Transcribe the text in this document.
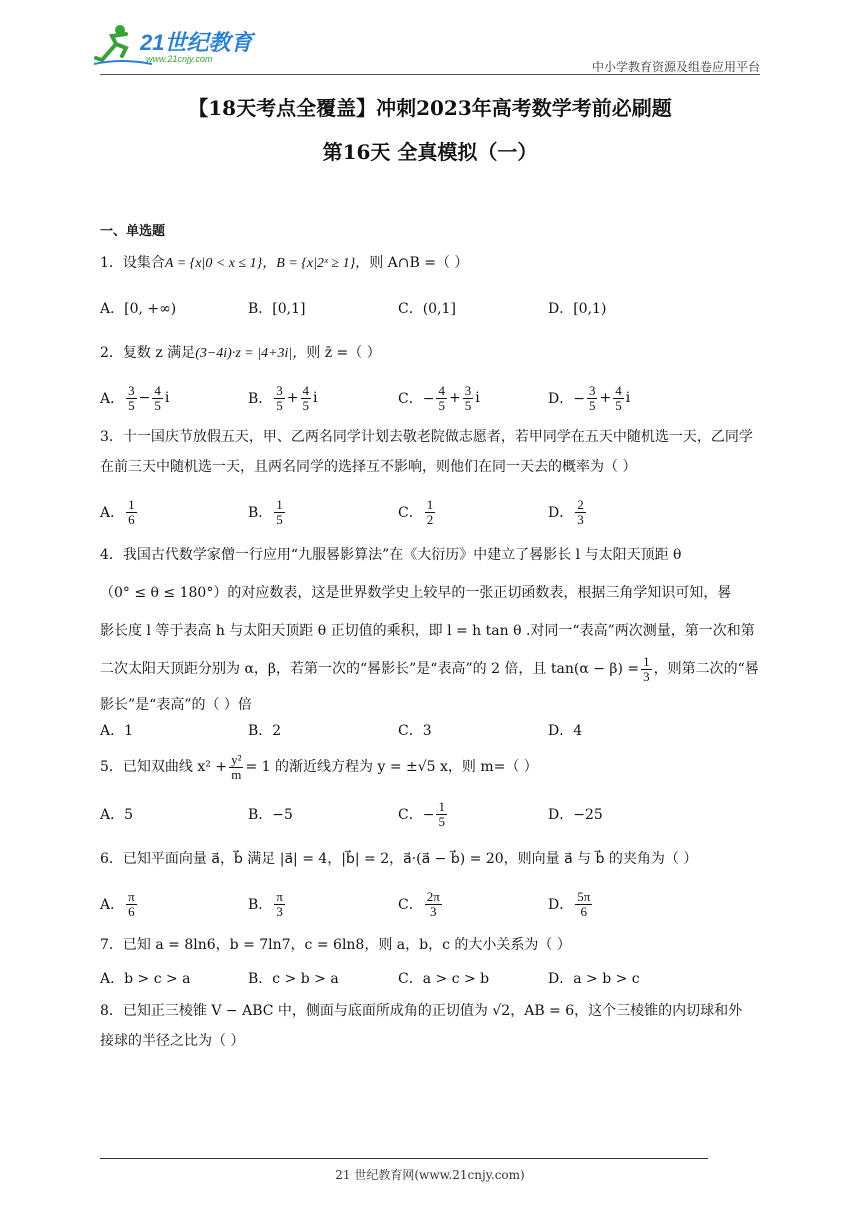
21世纪教育
www.21cnjy.com
中小学教育资源及组卷应用平台
【18天考点全覆盖】冲刺2023年高考数学考前必刷题
第16天 全真模拟（一）
一、单选题
1．设集合A = {x|0 < x ≤ 1}，B = {x|2ˣ ≥ 1}，则 A∩B =（ ）
A．[0, +∞)	B．[0,1]	C．(0,1]	D．[0,1)
2．复数 z 满足(3−4i)·z = |4+3i|，则 z̄ =（ ）
A． $\frac{3}{5} - \frac{4}{5}$ i	B． $\frac{3}{5} + \frac{4}{5}$ i	C．− $\frac{4}{5} + \frac{3}{5}$ i	D．− $\frac{3}{5} + \frac{4}{5}$ i
3．十一国庆节放假五天，甲、乙两名同学计划去敬老院做志愿者，若甲同学在五天中随机选一天，乙同学在前三天中随机选一天，且两名同学的选择互不影响，则他们在同一天去的概率为（ ）
A． $\frac{1}{6}$	B． $\frac{1}{5}$	C． $\frac{1}{2}$	D． $\frac{2}{3}$
4．我国古代数学家僧一行应用“九服晷影算法”在《大衍历》中建立了晷影长 l 与太阳天顶距 θ
（0° ≤ θ ≤ 180°）的对应数表，这是世界数学史上较早的一张正切函数表，根据三角学知识可知，晷
影长度 l 等于表高 h 与太阳天顶距 θ 正切值的乘积，即 l = h tan θ .对同一“表高”两次测量，第一次和第
二次太阳天顶距分别为 α，β，若第一次的“晷影长”是“表高”的 2 倍，且 $\tan(\alpha - \beta) = \frac{1}{3}$ ，则第二次的“晷
影长”是“表高”的（ ）倍
A．1	B．2	C．3	D．4
5． 已知双曲线 $x^2 + \frac{\text{y²}}{m} = 1$ 的渐近线方程为 y = ±√5 x，则 m=（ ）
A．5	B．−5	C．− $\frac{1}{5}$	D．−25
6．已知平面向量 a⃗，b⃗ 满足 |a⃗| = 4，|b⃗| = 2，a⃗·(a⃗ − b⃗) = 20，则向量 a⃗ 与 b⃗ 的夹角为（ ）
A． $\frac{\pi}{6}$	B． $\frac{\pi}{3}$	C． $\frac{2\pi}{3}$	D． $\frac{5\pi}{6}$
7．已知 a = 8ln6，b = 7ln7，c = 6ln8，则 a，b，c 的大小关系为（ ）
A．b > c > a	B．c > b > a	C．a > c > b	D．a > b > c
8．已知正三棱锥 V − ABC 中，侧面与底面所成角的正切值为 √2，AB = 6，这个三棱锥的内切球和外
接球的半径之比为（ ）
21 世纪教育网(www.21cnjy.com)
